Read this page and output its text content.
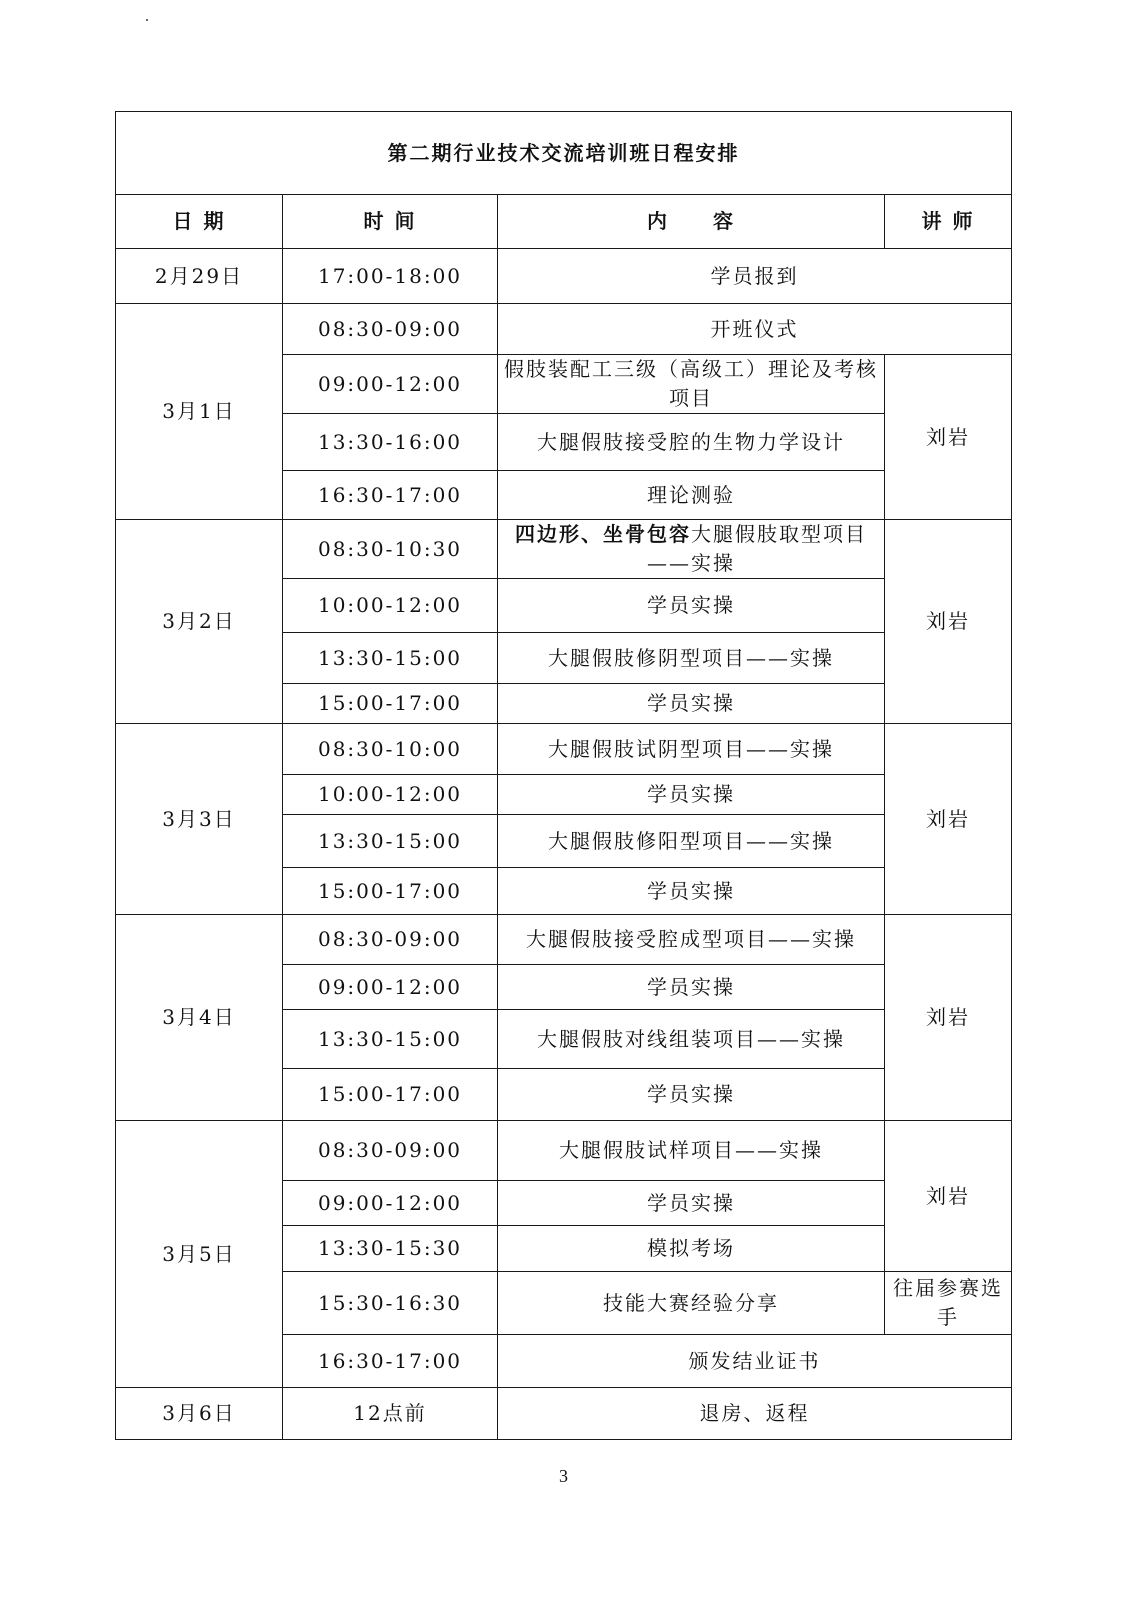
第二期行业技术交流培训班日程安排			
日 期	时 间	内　　容	讲 师
2月29日	17:00-18:00	学员报到	
3月1日	08:30-09:00	开班仪式	
	09:00-12:00	假肢装配工三级（高级工）理论及考核项目	刘岩
	13:30-16:00	大腿假肢接受腔的生物力学设计	
	16:30-17:00	理论测验	
3月2日	08:30-10:30	四边形、坐骨包容大腿假肢取型项目——实操	刘岩
	10:00-12:00	学员实操	
	13:30-15:00	大腿假肢修阴型项目——实操	
	15:00-17:00	学员实操	
3月3日	08:30-10:00	大腿假肢试阴型项目——实操	刘岩
	10:00-12:00	学员实操	
	13:30-15:00	大腿假肢修阳型项目——实操	
	15:00-17:00	学员实操	
3月4日	08:30-09:00	大腿假肢接受腔成型项目——实操	刘岩
	09:00-12:00	学员实操	
	13:30-15:00	大腿假肢对线组装项目——实操	
	15:00-17:00	学员实操	
3月5日	08:30-09:00	大腿假肢试样项目——实操	刘岩
	09:00-12:00	学员实操	
	13:30-15:30	模拟考场	
	15:30-16:30	技能大赛经验分享	往届参赛选手
	16:30-17:00	颁发结业证书	
3月6日	12点前	退房、返程	
3
